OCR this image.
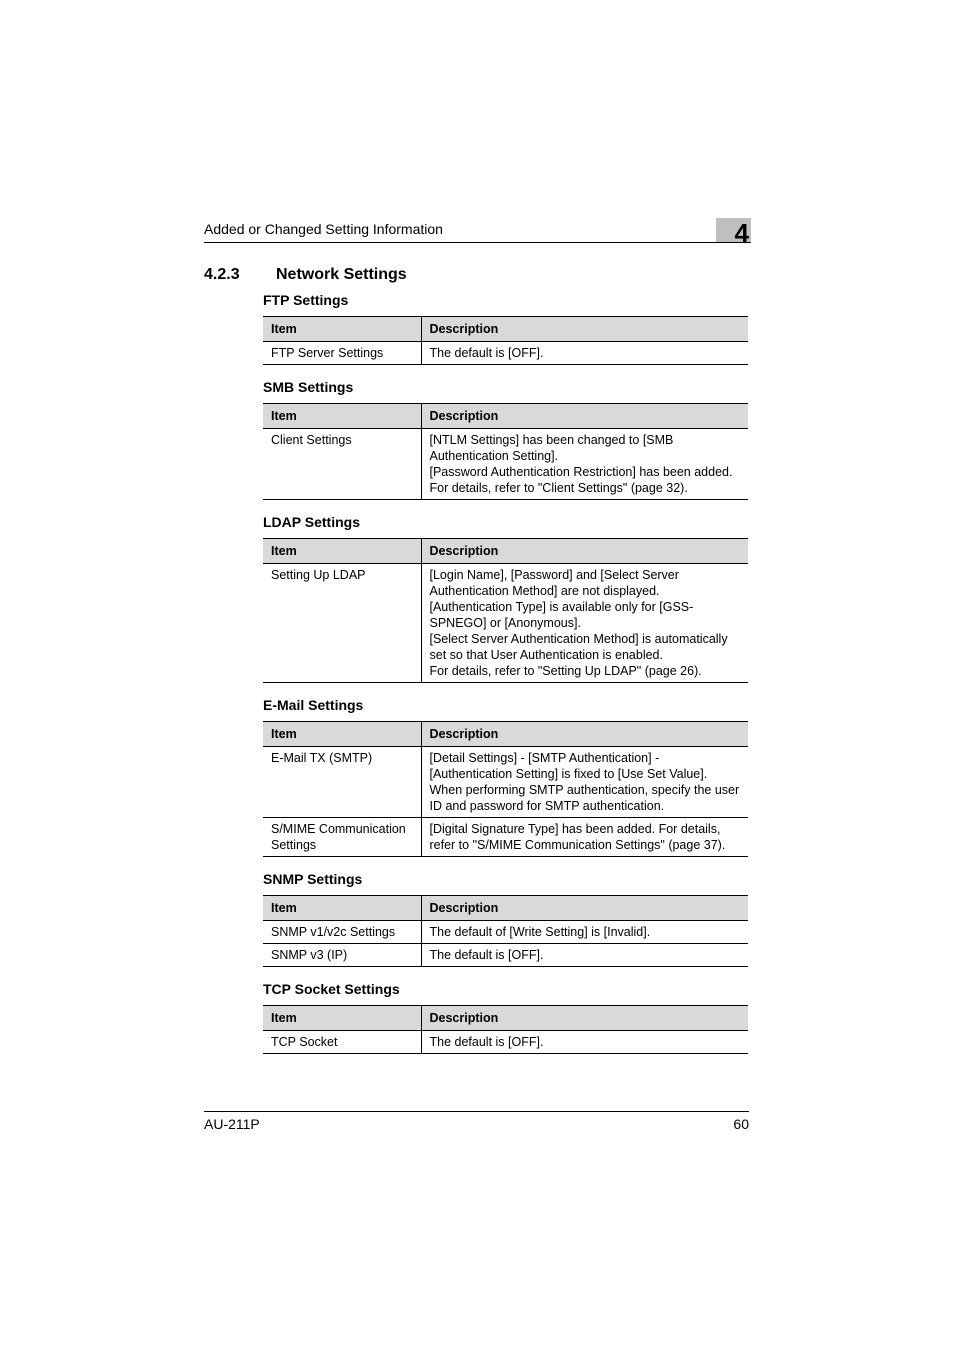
Added or Changed Setting Information	4
4.2.3 Network Settings
FTP Settings
Item	Description
FTP Server Settings	The default is [OFF].
SMB Settings
Item	Description
Client Settings	[NTLM Settings] has been changed to [SMB Authentication Setting].
[Password Authentication Restriction] has been added.
For details, refer to "Client Settings" (page 32).
LDAP Settings
Item	Description
Setting Up LDAP	[Login Name], [Password] and [Select Server Authentication Method] are not displayed.
[Authentication Type] is available only for [GSS-SPNEGO] or [Anonymous].
[Select Server Authentication Method] is automatically set so that User Authentication is enabled.
For details, refer to "Setting Up LDAP" (page 26).
E-Mail Settings
Item	Description
E-Mail TX (SMTP)	[Detail Settings] - [SMTP Authentication] - [Authentication Setting] is fixed to [Use Set Value].
When performing SMTP authentication, specify the user ID and password for SMTP authentication.

S/MIME Communication Settings	[Digital Signature Type] has been added. For details, refer to "S/MIME Communication Settings" (page 37).
SNMP Settings
Item	Description
SNMP v1/v2c Settings	The default of [Write Setting] is [Invalid].

SNMP v3 (IP)	The default is [OFF].
TCP Socket Settings
Item	Description
TCP Socket	The default is [OFF].
AU-211P	60
